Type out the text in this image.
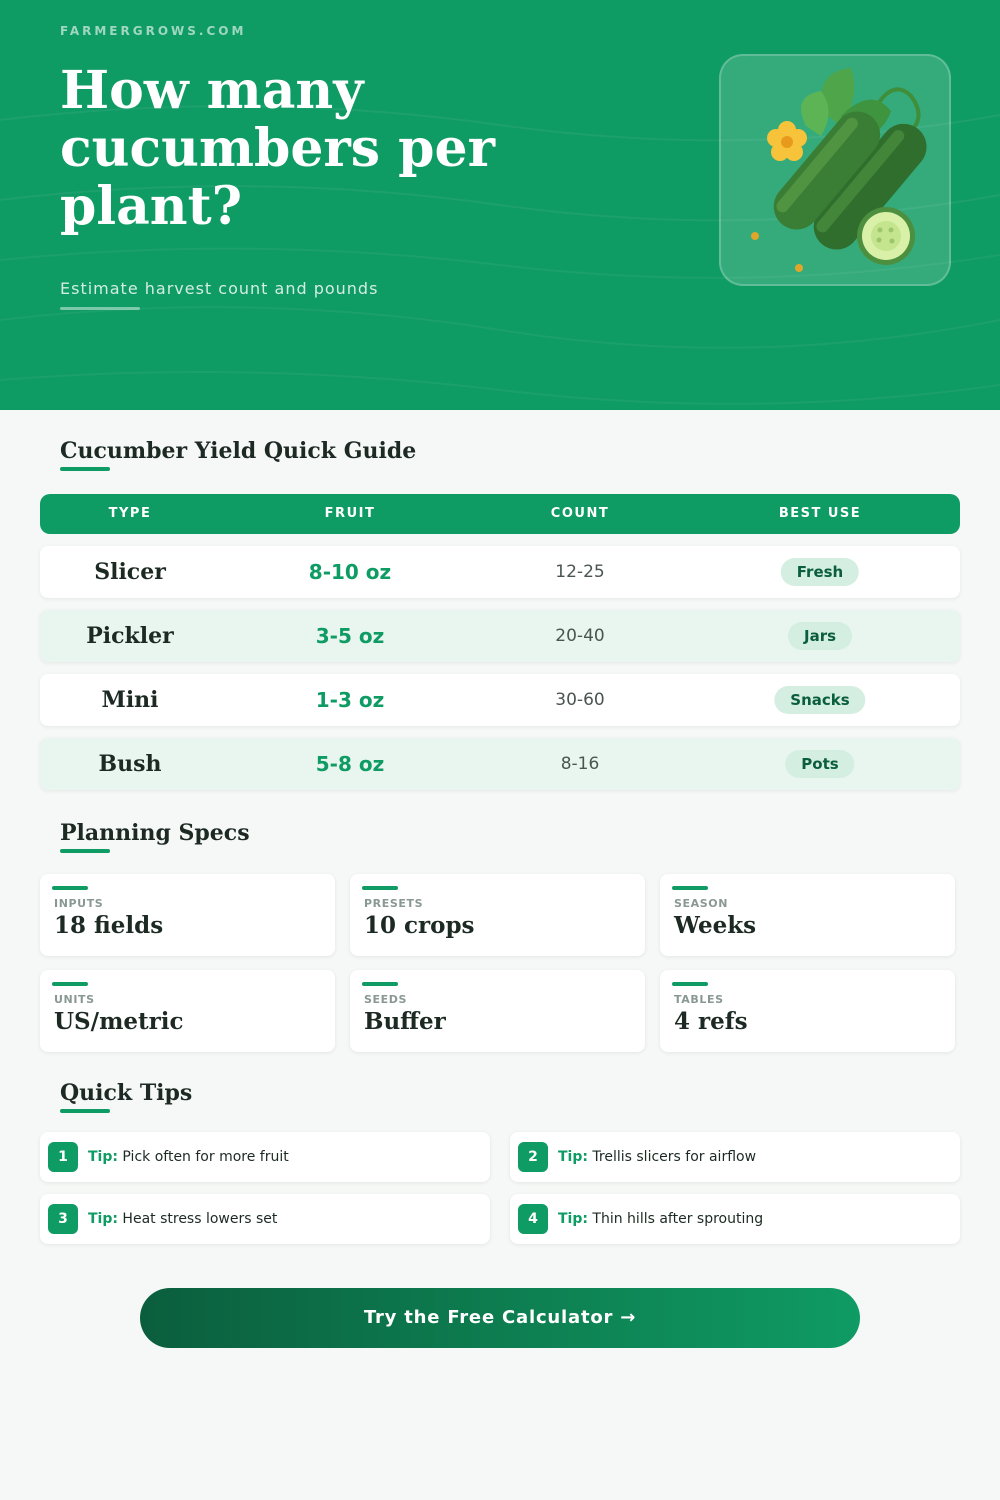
FARMERGROWS.COM
How many cucumbers per plant?
Estimate harvest count and pounds
Cucumber Yield Quick Guide
TYPE	FRUIT	COUNT	BEST USE
Slicer	8-10 oz	12-25	Fresh
Pickler	3-5 oz	20-40	Jars
Mini	1-3 oz	30-60	Snacks
Bush	5-8 oz	8-16	Pots
Planning Specs
INPUTS
18 fields
PRESETS
10 crops
SEASON
Weeks
UNITS
US/metric
SEEDS
Buffer
TABLES
4 refs
Quick Tips
1	Tip: Pick often for more fruit	2	Tip: Trellis slicers for airflow
3	Tip: Heat stress lowers set	4	Tip: Thin hills after sprouting
Try the Free Calculator →
